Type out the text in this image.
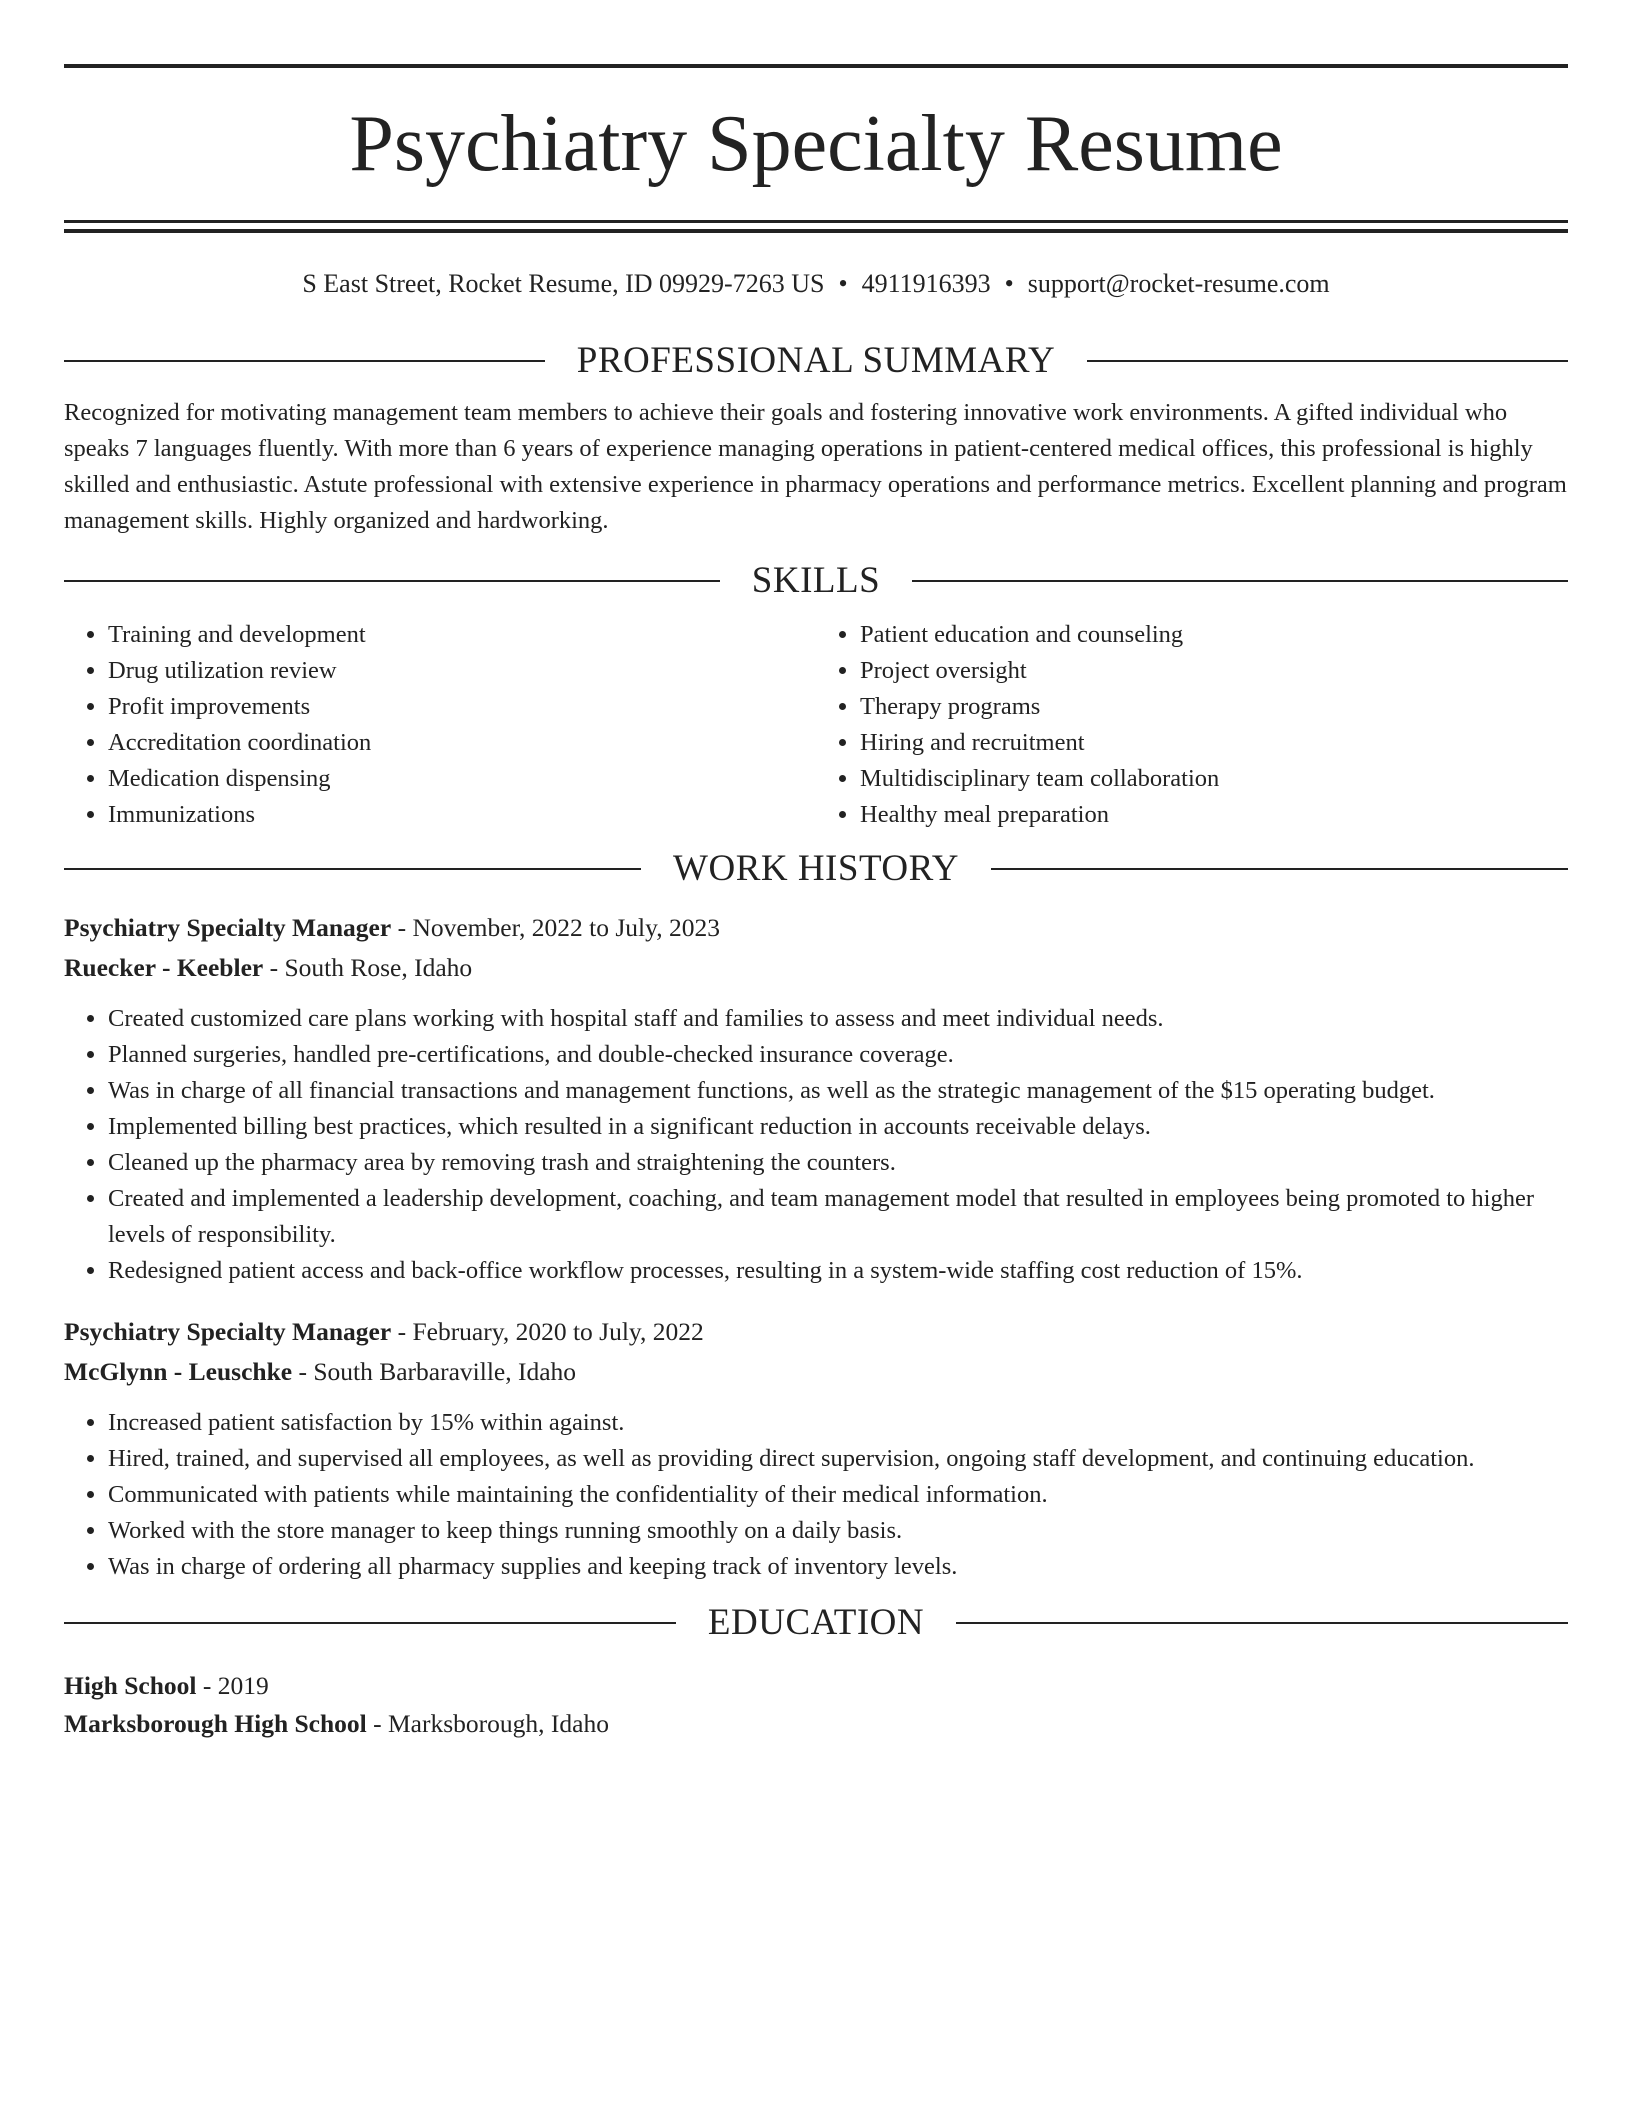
Psychiatry Specialty Resume
S East Street, Rocket Resume, ID 09929-7263 US • 4911916393 • support@rocket-resume.com
PROFESSIONAL SUMMARY
Recognized for motivating management team members to achieve their goals and fostering innovative work environments. A gifted individual who speaks 7 languages fluently. With more than 6 years of experience managing operations in patient-centered medical offices, this professional is highly skilled and enthusiastic. Astute professional with extensive experience in pharmacy operations and performance metrics. Excellent planning and program management skills. Highly organized and hardworking.
SKILLS
• Training and development
• Drug utilization review
• Profit improvements
• Accreditation coordination
• Medication dispensing
• Immunizations
• Patient education and counseling
• Project oversight
• Therapy programs
• Hiring and recruitment
• Multidisciplinary team collaboration
• Healthy meal preparation
WORK HISTORY
Psychiatry Specialty Manager - November, 2022 to July, 2023
Ruecker - Keebler - South Rose, Idaho
• Created customized care plans working with hospital staff and families to assess and meet individual needs.
• Planned surgeries, handled pre-certifications, and double-checked insurance coverage.
• Was in charge of all financial transactions and management functions, as well as the strategic management of the $15 operating budget.
• Implemented billing best practices, which resulted in a significant reduction in accounts receivable delays.
• Cleaned up the pharmacy area by removing trash and straightening the counters.
• Created and implemented a leadership development, coaching, and team management model that resulted in employees being promoted to higher levels of responsibility.
• Redesigned patient access and back-office workflow processes, resulting in a system-wide staffing cost reduction of 15%.
Psychiatry Specialty Manager - February, 2020 to July, 2022
McGlynn - Leuschke - South Barbaraville, Idaho
• Increased patient satisfaction by 15% within against.
• Hired, trained, and supervised all employees, as well as providing direct supervision, ongoing staff development, and continuing education.
• Communicated with patients while maintaining the confidentiality of their medical information.
• Worked with the store manager to keep things running smoothly on a daily basis.
• Was in charge of ordering all pharmacy supplies and keeping track of inventory levels.
EDUCATION
High School - 2019
Marksborough High School - Marksborough, Idaho
